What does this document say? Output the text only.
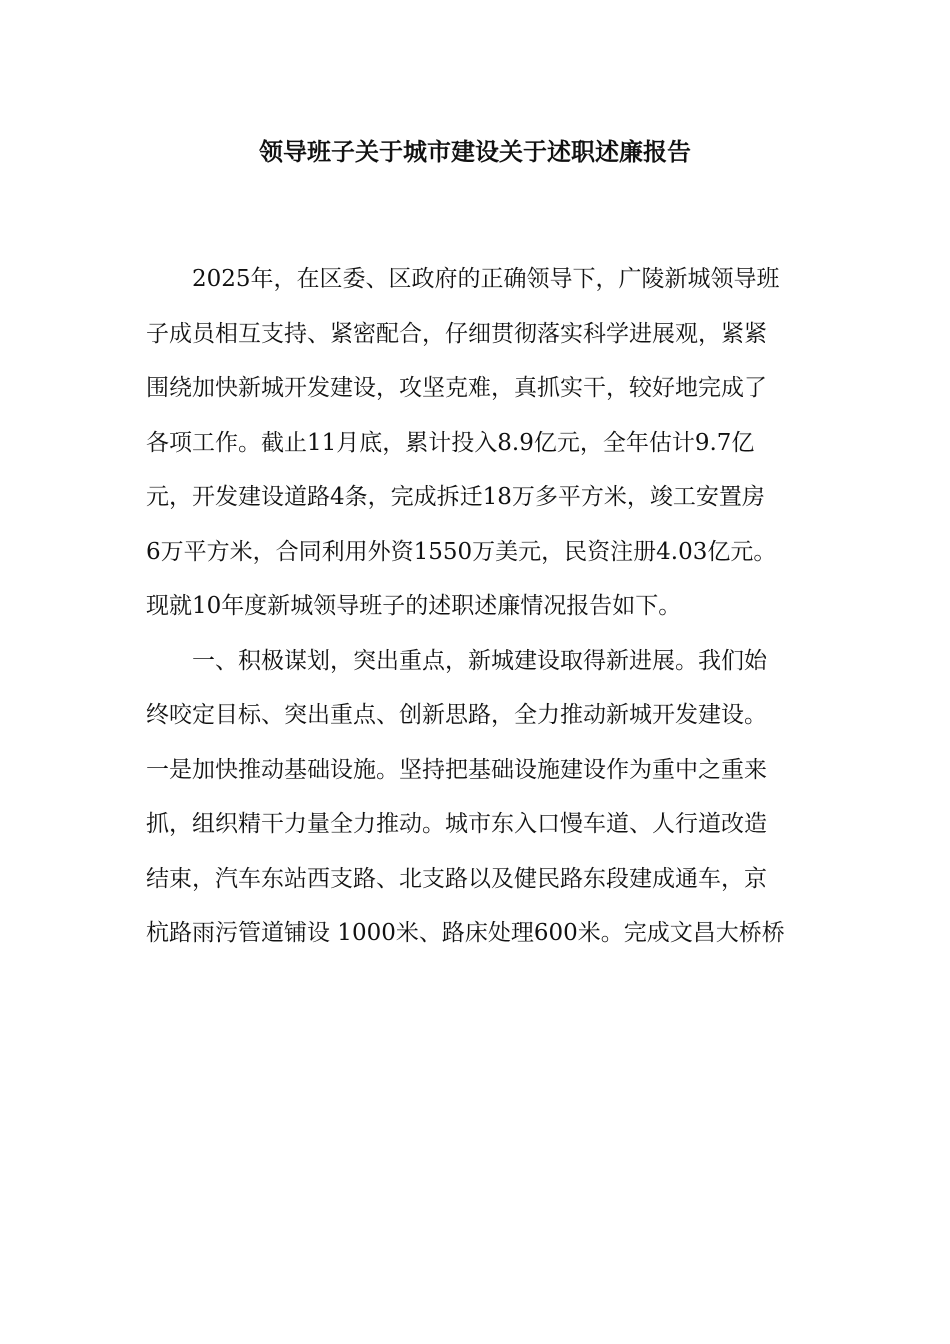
领导班子关于城市建设关于述职述廉报告
2025年，在区委、区政府的正确领导下，广陵新城领导班
子成员相互支持、紧密配合，仔细贯彻落实科学进展观，紧紧
围绕加快新城开发建设，攻坚克难，真抓实干，较好地完成了
各项工作。截止11月底，累计投入8.9亿元，全年估计9.7亿
元，开发建设道路4条，完成拆迁18万多平方米，竣工安置房
6万平方米，合同利用外资1550万美元，民资注册4.03亿元。
现就10年度新城领导班子的述职述廉情况报告如下。
一、积极谋划，突出重点，新城建设取得新进展。我们始
终咬定目标、突出重点、创新思路，全力推动新城开发建设。
一是加快推动基础设施。坚持把基础设施建设作为重中之重来
抓，组织精干力量全力推动。城市东入口慢车道、人行道改造
结束，汽车东站西支路、北支路以及健民路东段建成通车，京
杭路雨污管道铺设 1000米、路床处理600米。完成文昌大桥桥
